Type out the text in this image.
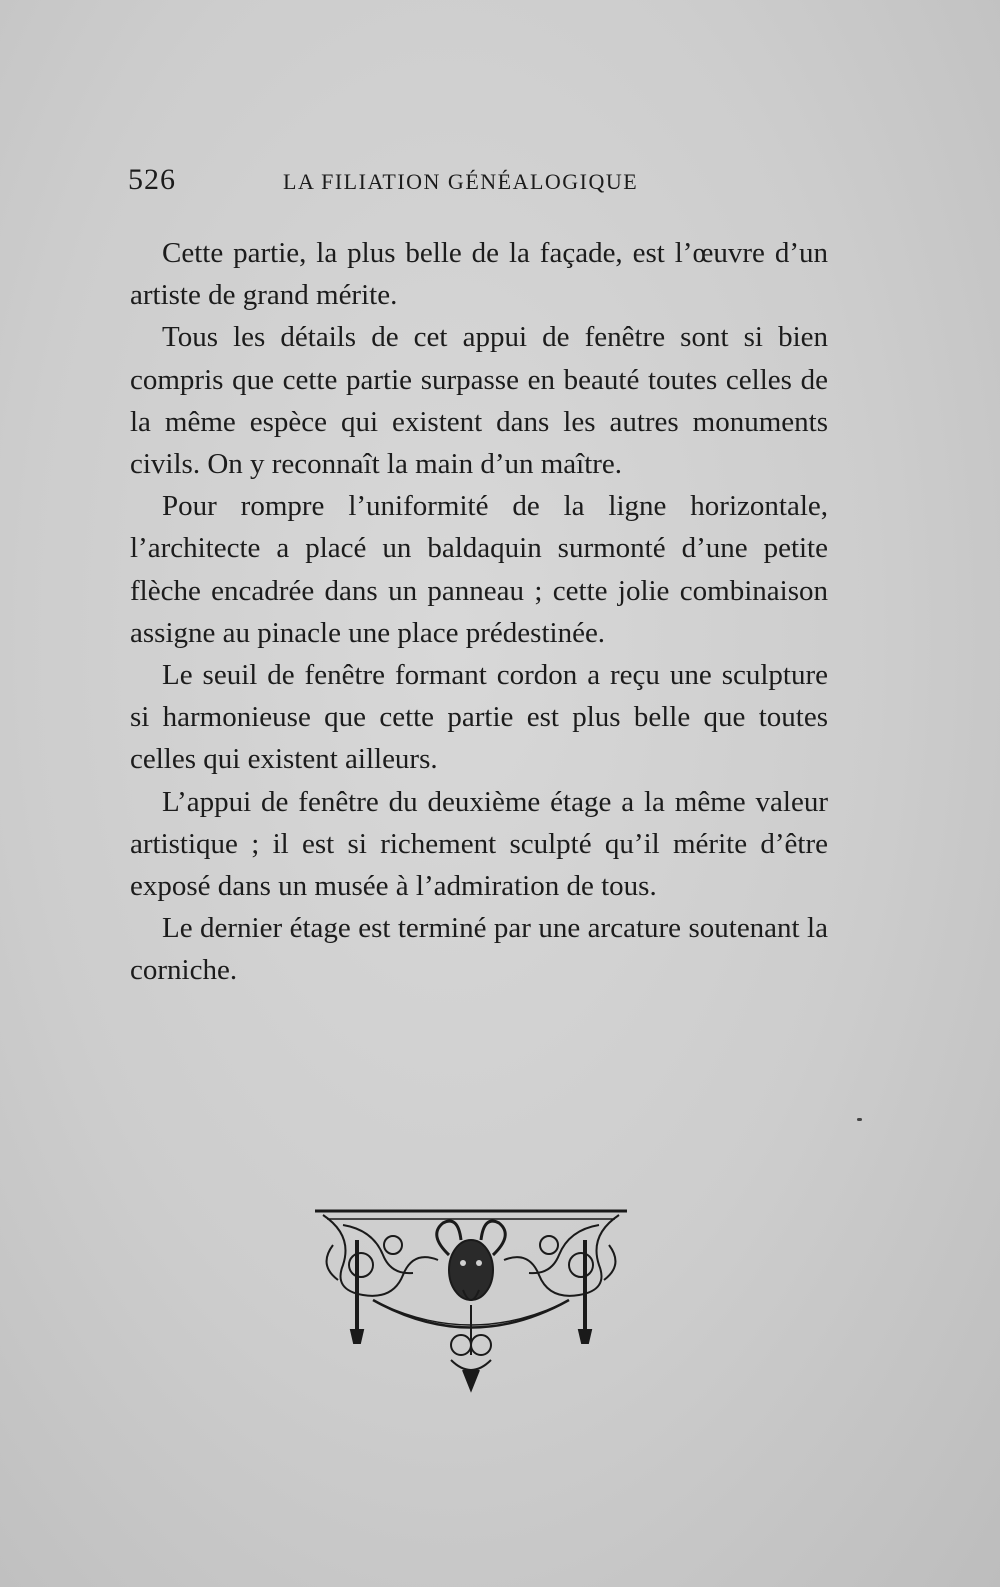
526	LA FILIATION GÉNÉALOGIQUE

Cette partie, la plus belle de la façade, est l’œuvre d’un artiste de grand mérite.

Tous les détails de cet appui de fenêtre sont si bien compris que cette partie surpasse en beauté toutes celles de la même espèce qui existent dans les autres monuments civils. On y reconnaît la main d’un maître.

Pour rompre l’uniformité de la ligne horizontale, l’architecte a placé un baldaquin surmonté d’une petite flèche encadrée dans un panneau ; cette jolie combinaison assigne au pinacle une place prédestinée.

Le seuil de fenêtre formant cordon a reçu une sculpture si harmonieuse que cette partie est plus belle que toutes celles qui existent ailleurs.

L’appui de fenêtre du deuxième étage a la même valeur artistique ; il est si richement sculpté qu’il mérite d’être exposé dans un musée à l’admiration de tous.

Le dernier étage est terminé par une arcature soutenant la corniche.
